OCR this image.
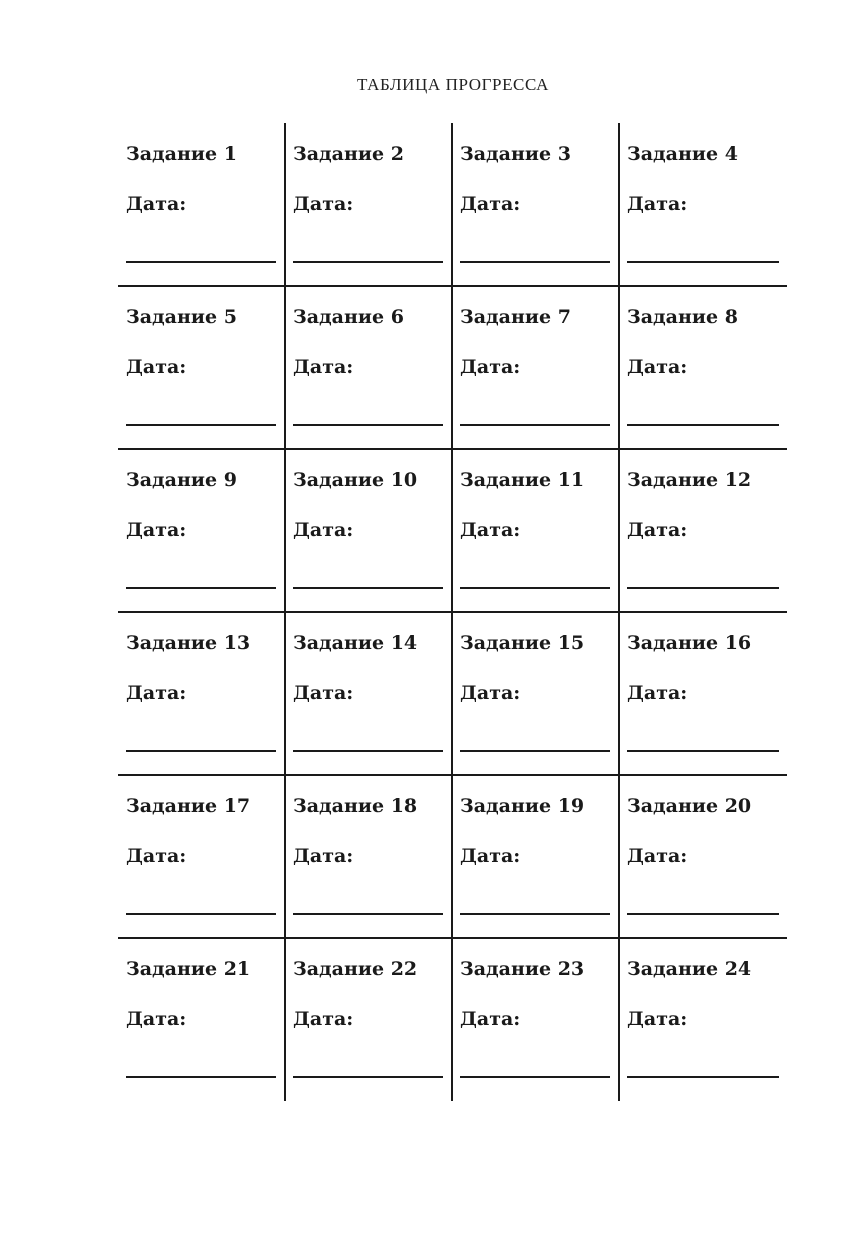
ТАБЛИЦА ПРОГРЕССА
Задание 1
Дата:
Задание 2
Дата:
Задание 3
Дата:
Задание 4
Дата:
Задание 5
Дата:
Задание 6
Дата:
Задание 7
Дата:
Задание 8
Дата:
Задание 9
Дата:
Задание 10
Дата:
Задание 11
Дата:
Задание 12
Дата:
Задание 13
Дата:
Задание 14
Дата:
Задание 15
Дата:
Задание 16
Дата:
Задание 17
Дата:
Задание 18
Дата:
Задание 19
Дата:
Задание 20
Дата:
Задание 21
Дата:
Задание 22
Дата:
Задание 23
Дата:
Задание 24
Дата:
